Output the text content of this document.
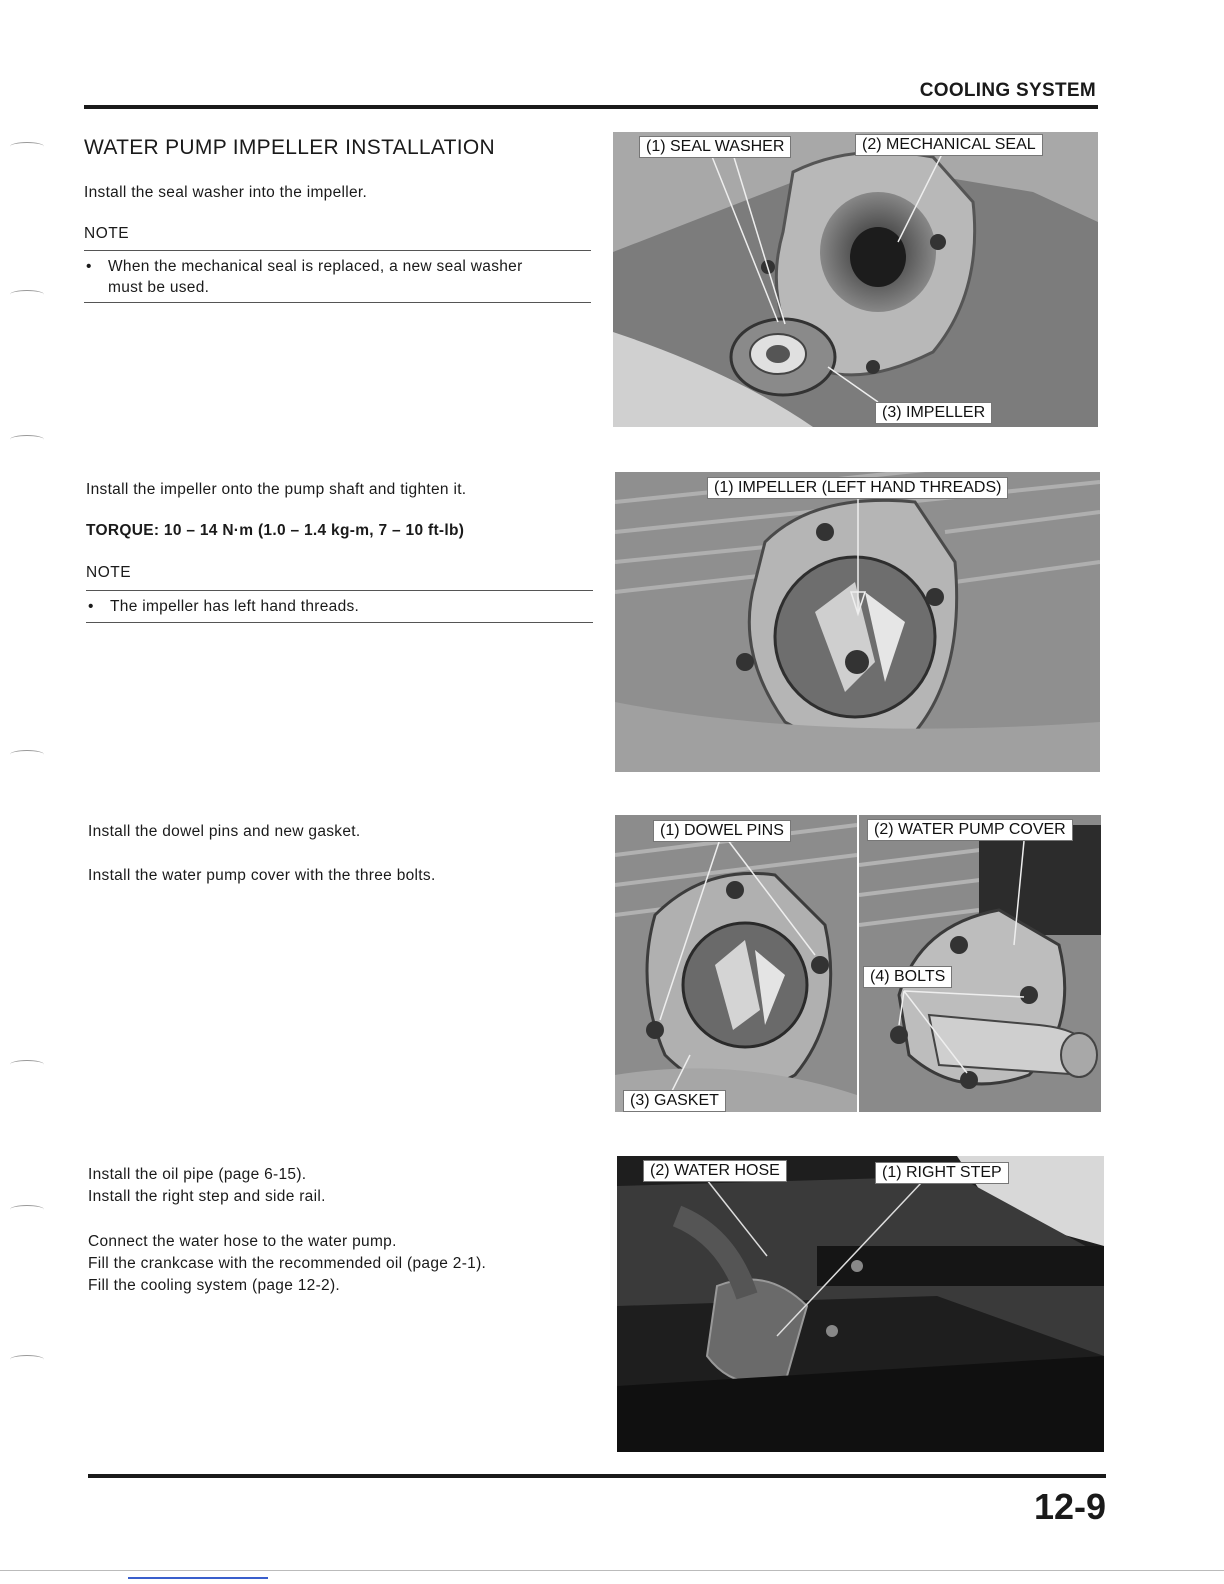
COOLING SYSTEM
WATER PUMP IMPELLER INSTALLATION
Install the seal washer into the impeller.
NOTE
•	When the mechanical seal is replaced, a new seal washer
must be used.
(1) SEAL WASHER	(2) MECHANICAL SEAL
(3) IMPELLER
Install the impeller onto the pump shaft and tighten it.
TORQUE: 10 – 14 N·m (1.0 – 1.4 kg-m, 7 – 10 ft-lb)
NOTE
•	The impeller has left hand threads.
(1) IMPELLER (LEFT HAND THREADS)
Install the dowel pins and new gasket.
Install the water pump cover with the three bolts.
(1) DOWEL PINS
(3) GASKET
(2) WATER PUMP COVER
(4) BOLTS
Install the oil pipe (page 6-15).
Install the right step and side rail.
Connect the water hose to the water pump.
Fill the crankcase with the recommended oil (page 2-1).
Fill the cooling system (page 12-2).
(2) WATER HOSE	(1) RIGHT STEP
12-9
